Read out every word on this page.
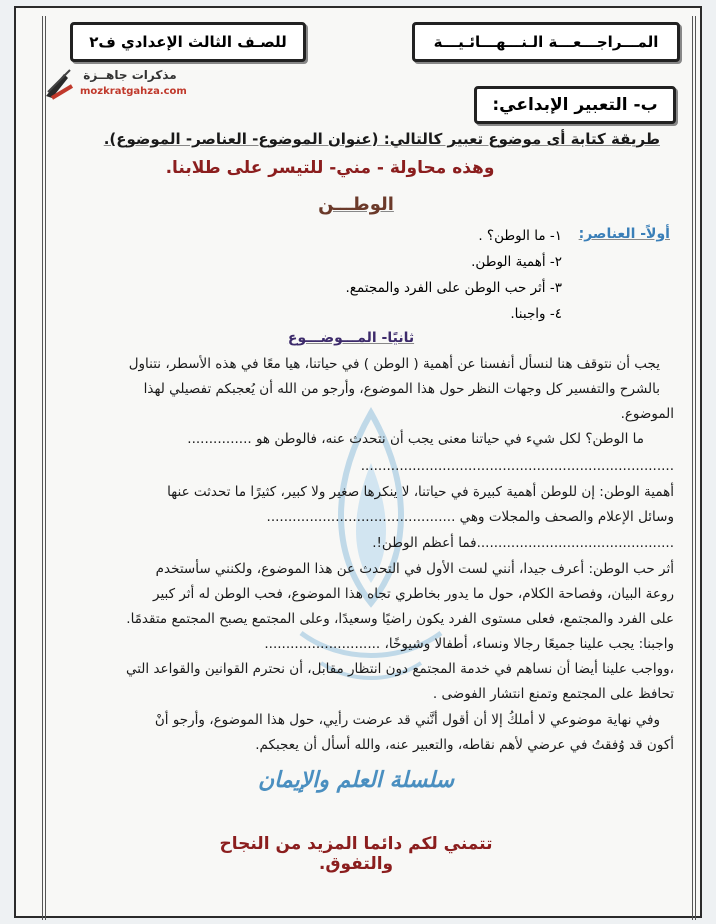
المـــراجـــعـــة الـنـــهـــائـيـــة
للصـف الثالث الإعدادي ف٢
مذكرات جاهــزة
mozkratgahza.com
ب- التعبير الإبداعي:
طريقة كتابة أى موضوع تعبير كالتالي: (عنوان الموضوع- العناصر- الموضوع).
وهذه محاولة - مني- للتيسر على طلابنا.
الوطـــن
أولاً- العناصر:
١- ما الوطن؟ .
٢- أهمية الوطن.
٣- أثر حب الوطن على الفرد والمجتمع.
٤- واجبنا.
ثانيًا- المـــوضـــوع
يجب أن نتوقف هنا لنسأل أنفسنا عن أهمية ( الوطن ) في حياتنا، هيا معًا في هذه الأسطر، نتناول
بالشرح والتفسير كل وجهات النظر حول هذا الموضوع، وأرجو من الله أن يُعجبكم تفصيلي لهذا
الموضوع.
ما الوطن؟ لكل شيء في حياتنا معنى يجب أن نتحدث عنه، فالوطن هو ...............
.........................................................................
أهمية الوطن: إن للوطن أهمية كبيرة في حياتنا، لا ينكرها صغير ولا كبير، كثيرًا ما تحدثت عنها
وسائل الإعلام والصحف والمجلات وهي ............................................
..............................................فما أعظم الوطن!.
أثر حب الوطن: أعرف جيدا، أنني لست الأول في التحدث عن هذا الموضوع، ولكنني سأستخدم
روعة البيان، وفصاحة الكلام، حول ما يدور بخاطري تجاه هذا الموضوع، فحب الوطن له أثر كبير
على الفرد والمجتمع، فعلى مستوى الفرد يكون راضيًا وسعيدًا، وعلى المجتمع يصبح المجتمع متقدمًا.
واجبنا: يجب علينا جميعًا رجالا ونساء، أطفالا وشيوخًا، ...........................
،وواجب علينا أيضا أن نساهم في خدمة المجتمع دون انتظار مقابل، أن نحترم القوانين والقواعد التي
تحافظ على المجتمع وتمنع انتشار الفوضى .
وفي نهاية موضوعي لا أملكُ إلا أن أقول أنَّني قد عرضت رأيي، حول هذا الموضوع، وأرجو أنْ
أكون قد وُفقتُ في عرضي لأهم نقاطه، والتعبير عنه، والله أسأل أن يعجبكم.
سلسلة العلم والإيمان
تتمني لكم دائما المزيد من النجاح والتفوق.
